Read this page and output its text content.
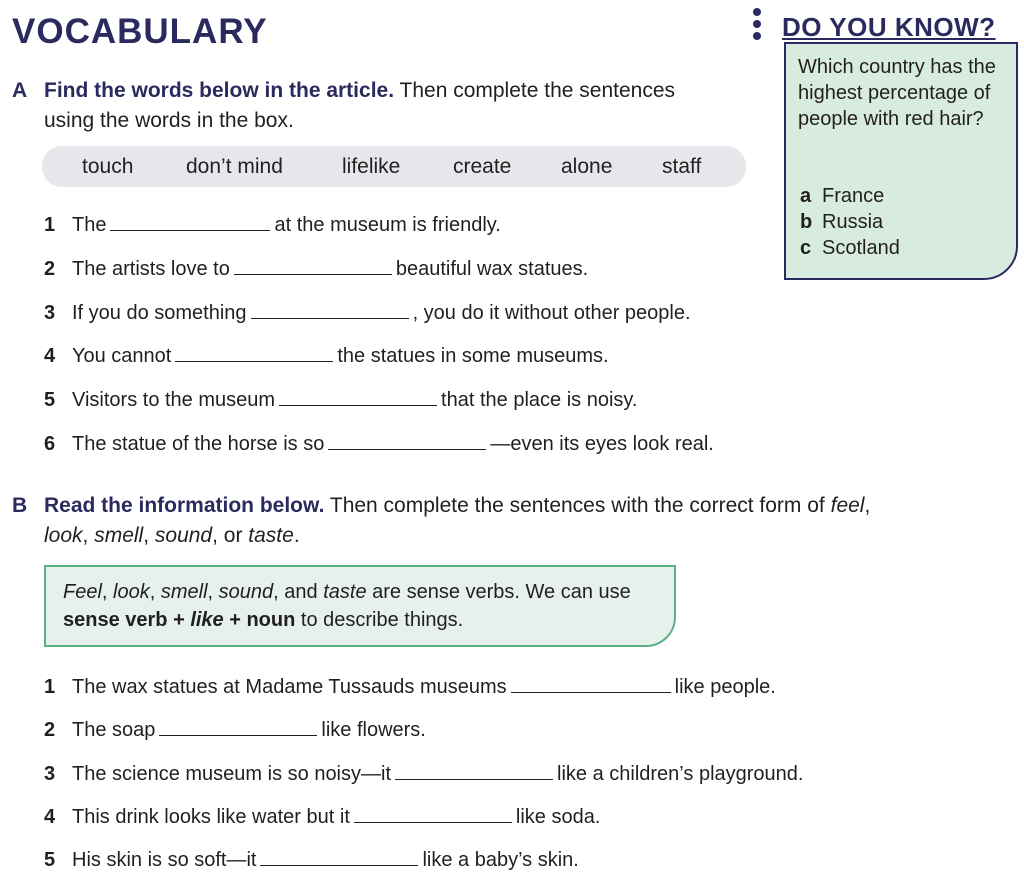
VOCABULARY
A Find the words below in the article. Then complete the sentences
using the words in the box.
touch	don’t mind	lifelike	create alone staff
1 The	at the museum is friendly.
2 The artists love to	beautiful wax statues.
3 If you do something	, you do it without other people.
4 You cannot	the statues in some museums.
5 Visitors to the museum	that the place is noisy.
6 The statue of the horse is so	—even its eyes look real.
DO YOU KNOW?
Which country has the highest percentage of people with red hair?
a France
b Russia
c Scotland
B Read the information below. Then complete the sentences with the correct form of feel,
look, smell, sound, or taste.
Feel, look, smell, sound, and taste are sense verbs. We can use
sense verb + like + noun to describe things.
1 The wax statues at Madame Tussauds museums	like people.
2 The soap	like flowers.
3 The science museum is so noisy—it	like a children’s playground.
4 This drink looks like water but it	like soda.
5 His skin is so soft—it	like a baby’s skin.
